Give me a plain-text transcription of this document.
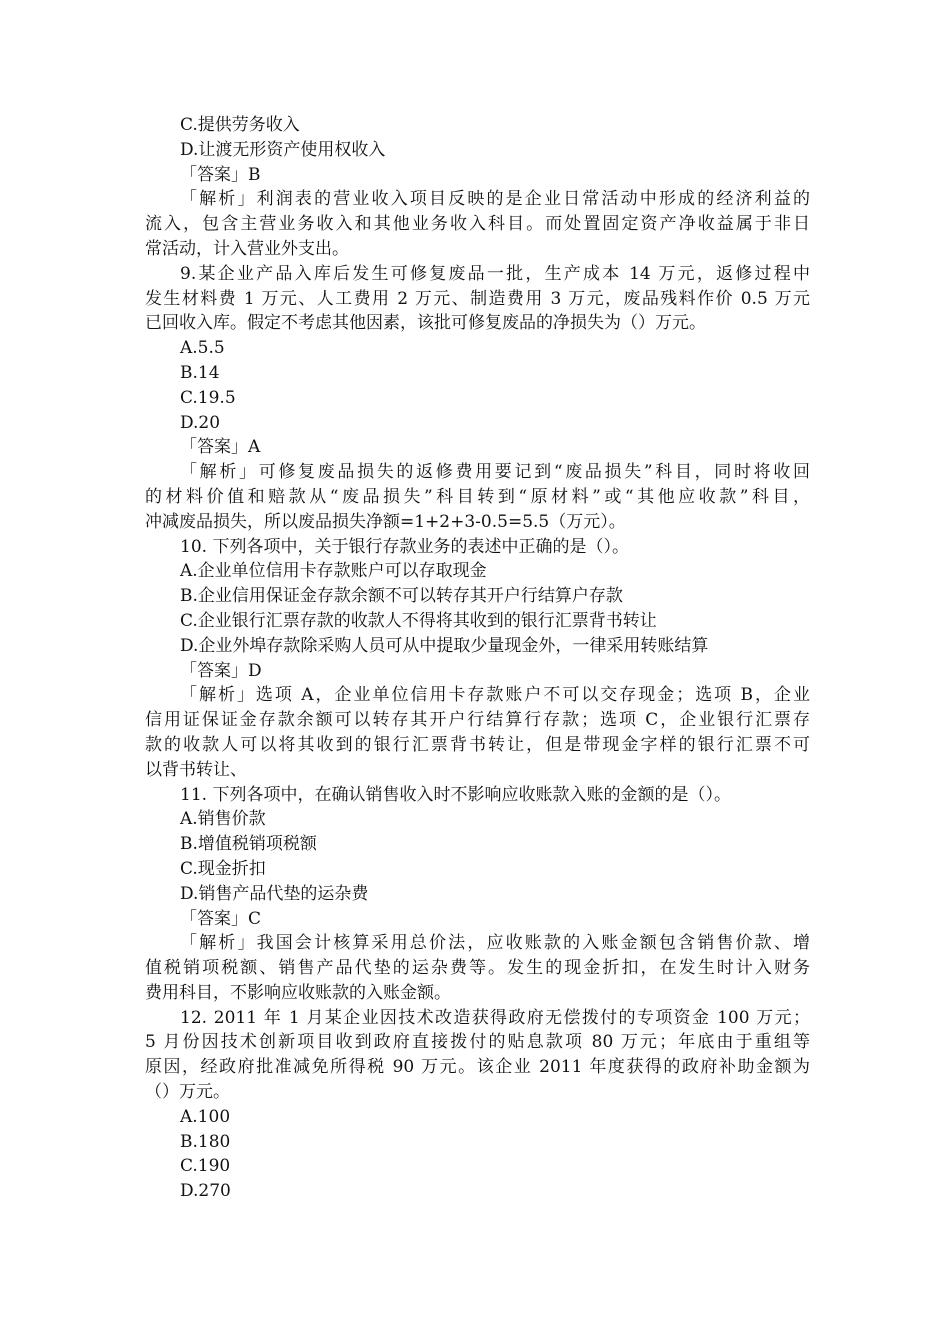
C.提供劳务收入
D.让渡无形资产使用权收入
「答案」B
「解析」利润表的营业收入项目反映的是企业日常活动中形成的经济利益的
流入，包含主营业务收入和其他业务收入科目。而处置固定资产净收益属于非日
常活动，计入营业外支出。
9.某企业产品入库后发生可修复废品一批，生产成本 14 万元，返修过程中
发生材料费 1 万元、人工费用 2 万元、制造费用 3 万元，废品残料作价 0.5 万元
已回收入库。假定不考虑其他因素，该批可修复废品的净损失为（）万元。
A.5.5
B.14
C.19.5
D.20
「答案」A
「解析」可修复废品损失的返修费用要记到“废品损失”科目，同时将收回
的材料价值和赔款从“废品损失”科目转到“原材料”或“其他应收款”科目，
冲减废品损失，所以废品损失净额=1+2+3-0.5=5.5（万元）。
10. 下列各项中，关于银行存款业务的表述中正确的是（）。
A.企业单位信用卡存款账户可以存取现金
B.企业信用保证金存款余额不可以转存其开户行结算户存款
C.企业银行汇票存款的收款人不得将其收到的银行汇票背书转让
D.企业外埠存款除采购人员可从中提取少量现金外，一律采用转账结算
「答案」D
「解析」选项 A，企业单位信用卡存款账户不可以交存现金；选项 B，企业
信用证保证金存款余额可以转存其开户行结算行存款；选项 C，企业银行汇票存
款的收款人可以将其收到的银行汇票背书转让，但是带现金字样的银行汇票不可
以背书转让、
11. 下列各项中，在确认销售收入时不影响应收账款入账的金额的是（）。
A.销售价款
B.增值税销项税额
C.现金折扣
D.销售产品代垫的运杂费
「答案」C
「解析」我国会计核算采用总价法，应收账款的入账金额包含销售价款、增
值税销项税额、销售产品代垫的运杂费等。发生的现金折扣，在发生时计入财务
费用科目，不影响应收账款的入账金额。
12. 2011 年 1 月某企业因技术改造获得政府无偿拨付的专项资金 100 万元；
5 月份因技术创新项目收到政府直接拨付的贴息款项 80 万元；年底由于重组等
原因，经政府批准减免所得税 90 万元。该企业 2011 年度获得的政府补助金额为
（）万元。
A.100
B.180
C.190
D.270
